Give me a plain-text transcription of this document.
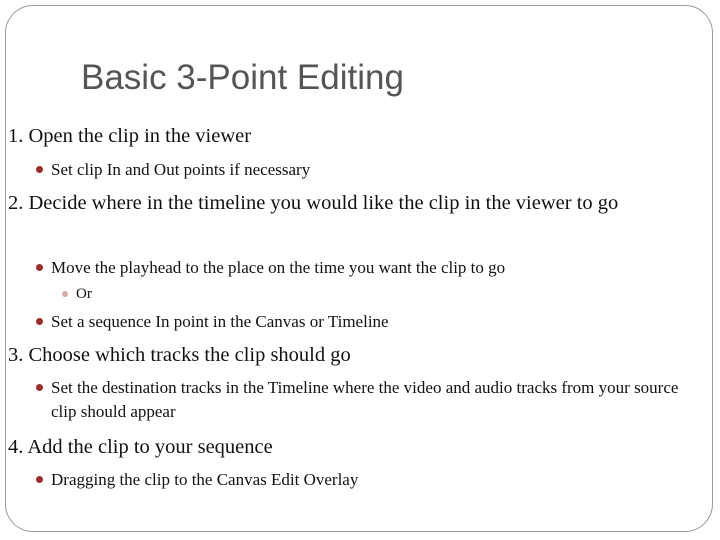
Basic 3-Point Editing
1. Open the clip in the viewer
Set clip In and Out points if necessary
2. Decide where in the timeline you would like the clip in the viewer to go
Move the playhead to the place on the time you want the clip to go
Or
Set a sequence In point in the Canvas or Timeline
3. Choose which tracks the clip should go
Set the destination tracks in the Timeline where the video and audio tracks from your source clip should appear
4. Add the clip to your sequence
Dragging the clip to the Canvas Edit Overlay
